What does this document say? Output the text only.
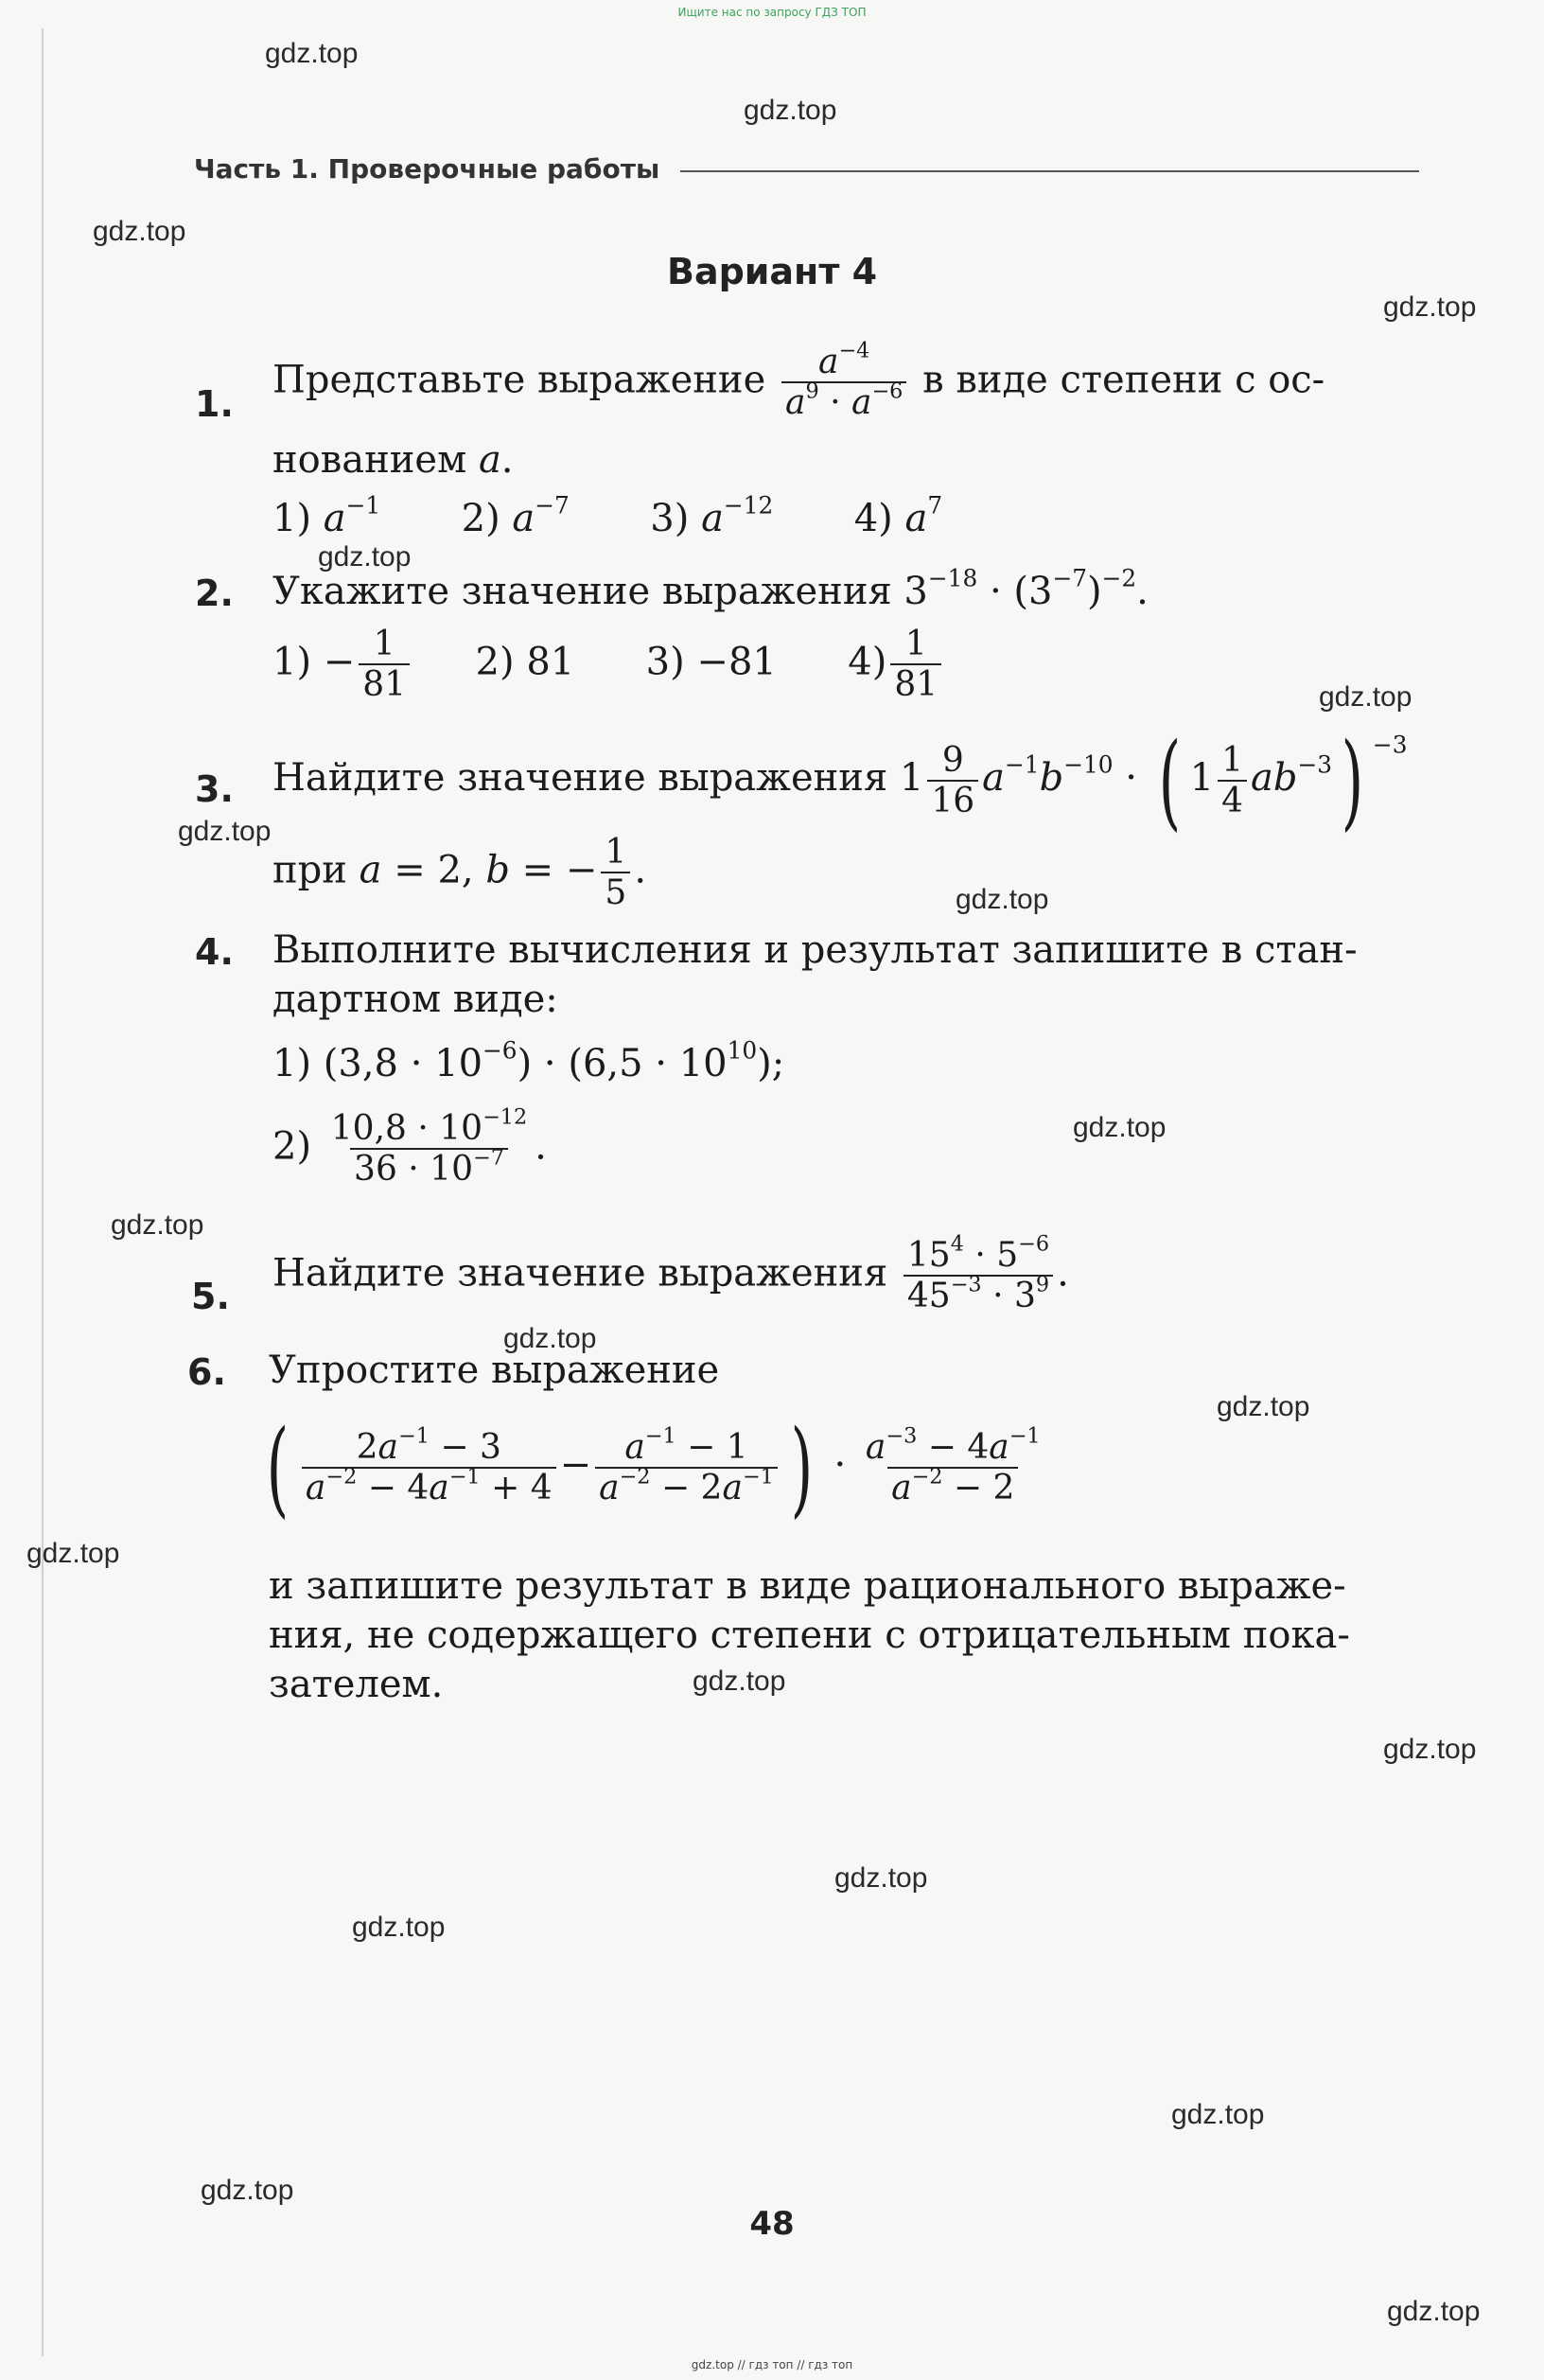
Ищите нас по запросу ГДЗ ТОП
gdz.top
gdz.top
gdz.top
gdz.top
gdz.top
gdz.top
gdz.top
gdz.top
gdz.top
gdz.top
gdz.top
gdz.top
gdz.top
gdz.top
gdz.top
gdz.top
gdz.top
gdz.top
gdz.top
gdz.top
Часть 1. Проверочные работы
Вариант 4
1.
Представьте выражение $\frac{a^{-4}}{a^9 \cdot a^{-6}}$ в виде степени с ос-
нованием a.
1) $a^{-1}$ 2) $a^{-7}$ 3) $a^{-12}$ 4) $a^7$
2. Укажите значение выражения $3^{-18} \cdot (3^{-7})^{-2}$.
$1) - \frac{1}{81} 2$) 81 3) −81 $4) \frac{1}{81}$
3. Найдите значение выражения $1 \frac{9}{16} a^{-1}b^{-10}$ · ( $1 \frac{1}{4} ab^{-3}$) $^{-3}$
при a = 2, b = − $\frac{1}{5}$ .
4. Выполните вычисления и результат запишите в стан-
дартном виде:
1) $(3,8 \cdot 10^{-6}) \cdot (6,5 \cdot 10^{10})$;
$2) \frac{10,8 \cdot 10^{-12}}{36 \cdot 10^{-7}}$ .
5.
Найдите значение выражения $\frac{15^4 \cdot 5^{-6}}{45^{-3} \cdot 3^9}$ .
6. Упростите выражение
( $\frac{2a^{-1} - 3}{a^{-2} - 4a^{-1} + 4} - \frac{a^{-1} - 1}{a^{-2} - 2a^{-1}}$ ) · $\frac{a^{-3} - 4a^{-1}}{a^{-2} - 2}$
и запишите результат в виде рационального выраже-
ния, не содержащего степени с отрицательным пока-
зателем.
48
gdz.top // гдз топ // гдз топ
